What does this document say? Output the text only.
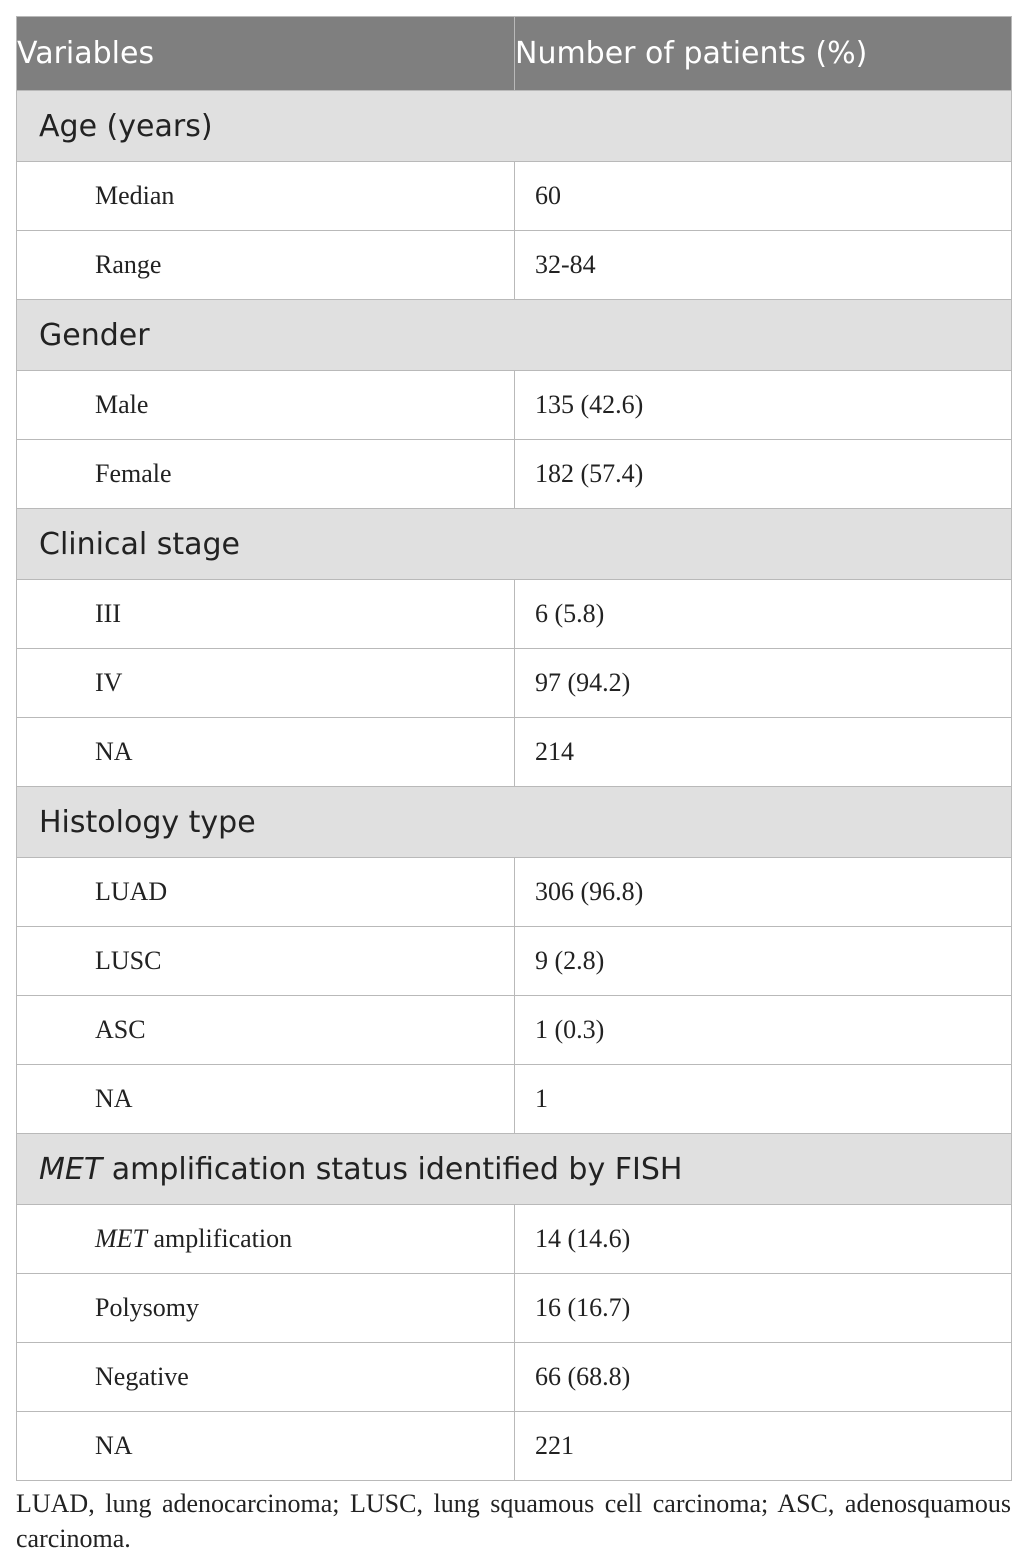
Variables	Number of patients (%)
Age (years)	
Median	60
Range	32-84
Gender	
Male	135 (42.6)
Female	182 (57.4)
Clinical stage	
III	6 (5.8)
IV	97 (94.2)
NA	214
Histology type	
LUAD	306 (96.8)
LUSC	9 (2.8)
ASC	1 (0.3)
NA	1
MET amplification status identified by FISH	
MET amplification	14 (14.6)
Polysomy	16 (16.7)
Negative	66 (68.8)
NA	221
LUAD, lung adenocarcinoma; LUSC, lung squamous cell carcinoma; ASC, adenosquamous carcinoma.
